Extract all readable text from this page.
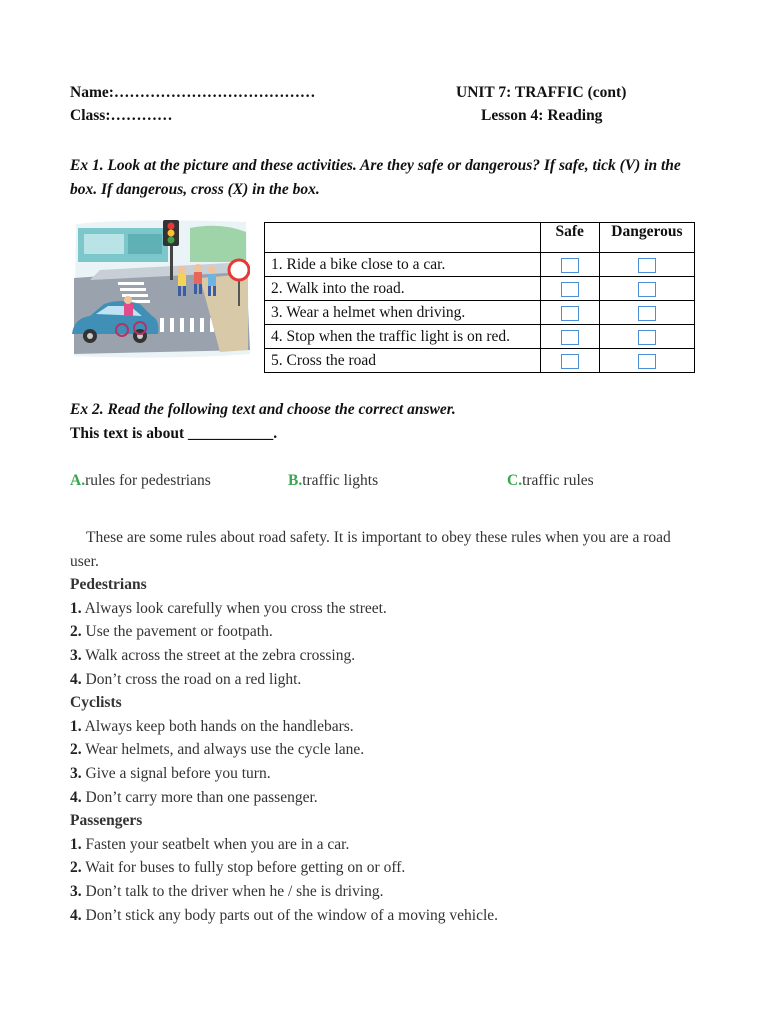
Name:…………………………………	UNIT 7: TRAFFIC (cont)
Class:…………	Lesson 4: Reading

Ex 1. Look at the picture and these activities. Are they safe or dangerous? If safe, tick (V) in the box. If dangerous, cross (X) in the box.

	Safe	Dangerous
1. Ride a bike close to a car.		
2. Walk into the road.		
3. Wear a helmet when driving.		
4. Stop when the traffic light is on red.		
5. Cross the road		

Ex 2. Read the following text and choose the correct answer.

This text is about ___________.

A.rules for pedestrians	B.traffic lights	C.traffic rules

These are some rules about road safety. It is important to obey these rules when you are a road user.

Pedestrians

1. Always look carefully when you cross the street.

2. Use the pavement or footpath.

3. Walk across the street at the zebra crossing.

4. Don’t cross the road on a red light.

Cyclists

1. Always keep both hands on the handlebars.

2. Wear helmets, and always use the cycle lane.

3. Give a signal before you turn.

4. Don’t carry more than one passenger.

Passengers

1. Fasten your seatbelt when you are in a car.

2. Wait for buses to fully stop before getting on or off.

3. Don’t talk to the driver when he / she is driving.

4. Don’t stick any body parts out of the window of a moving vehicle.
